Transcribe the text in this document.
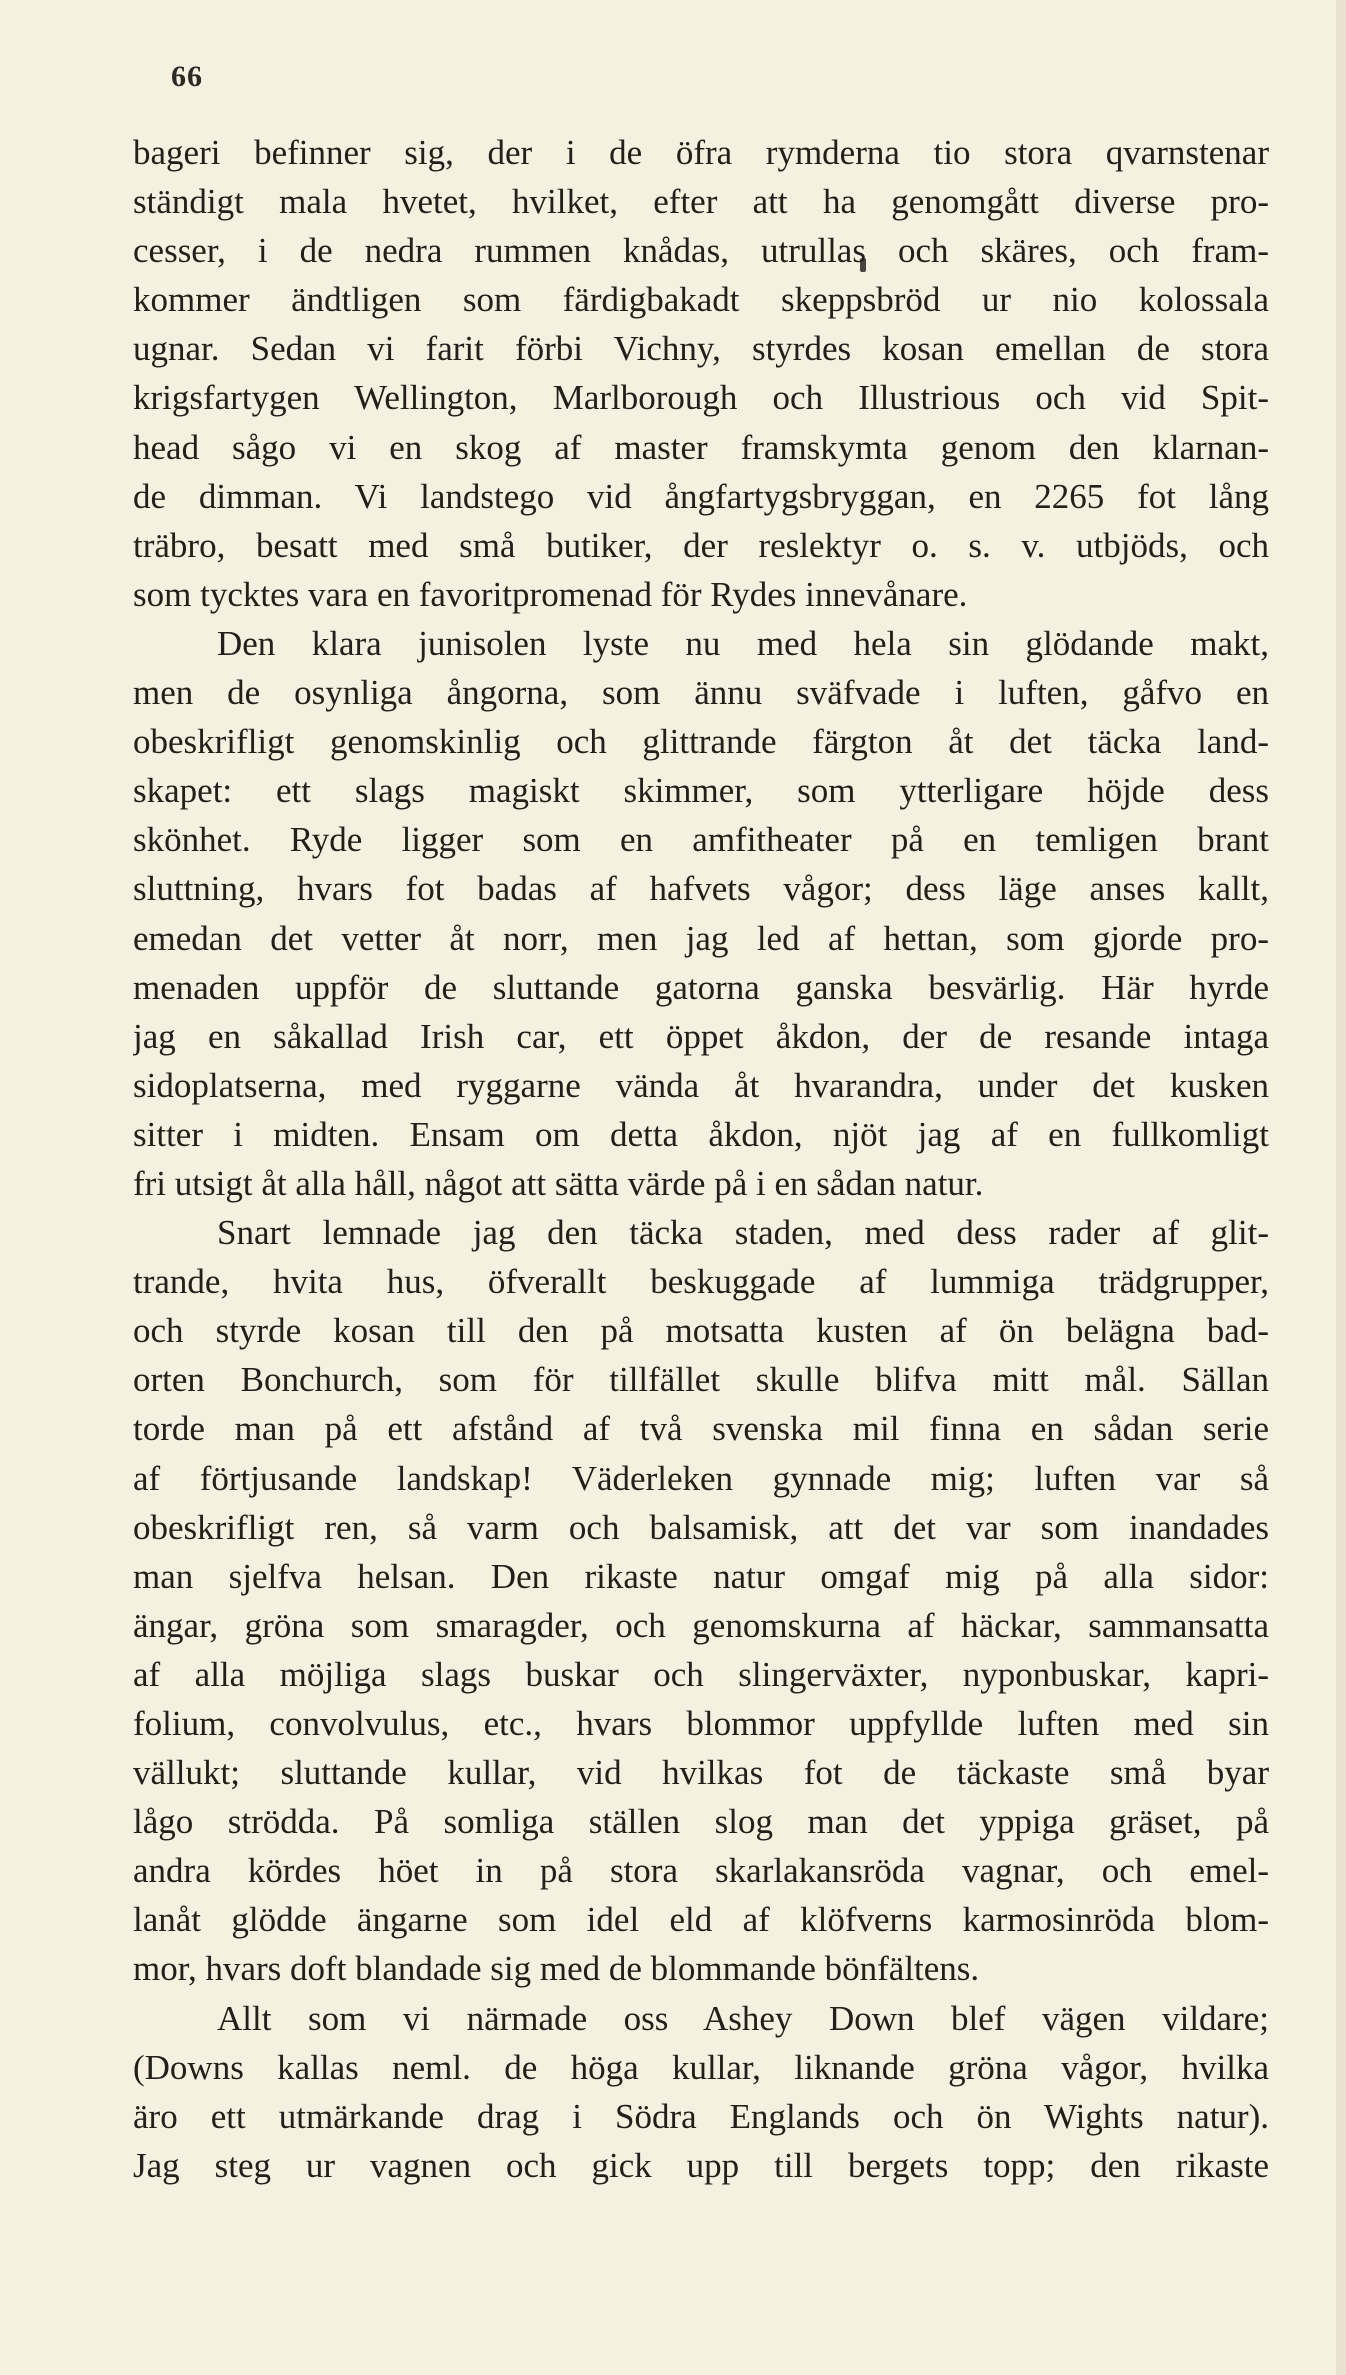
66
bageri befinner sig, der i de öfra rymderna tio stora qvarnstenar
ständigt mala hvetet, hvilket, efter att ha genomgått diverse pro-
cesser, i de nedra rummen knådas, utrullas och skäres, och fram-
kommer ändtligen som färdigbakadt skeppsbröd ur nio kolossala
ugnar. Sedan vi farit förbi Vichny, styrdes kosan emellan de stora
krigsfartygen Wellington, Marlborough och Illustrious och vid Spit-
head sågo vi en skog af master framskymta genom den klarnan-
de dimman. Vi landstego vid ångfartygsbryggan, en 2265 fot lång
träbro, besatt med små butiker, der reslektyr o. s. v. utbjöds, och
som tycktes vara en favoritpromenad för Rydes innevånare.
Den klara junisolen lyste nu med hela sin glödande makt,
men de osynliga ångorna, som ännu sväfvade i luften, gåfvo en
obeskrifligt genomskinlig och glittrande färgton åt det täcka land-
skapet: ett slags magiskt skimmer, som ytterligare höjde dess
skönhet. Ryde ligger som en amfitheater på en temligen brant
sluttning, hvars fot badas af hafvets vågor; dess läge anses kallt,
emedan det vetter åt norr, men jag led af hettan, som gjorde pro-
menaden uppför de sluttande gatorna ganska besvärlig. Här hyrde
jag en såkallad Irish car, ett öppet åkdon, der de resande intaga
sidoplatserna, med ryggarne vända åt hvarandra, under det kusken
sitter i midten. Ensam om detta åkdon, njöt jag af en fullkomligt
fri utsigt åt alla håll, något att sätta värde på i en sådan natur.
Snart lemnade jag den täcka staden, med dess rader af glit-
trande, hvita hus, öfverallt beskuggade af lummiga trädgrupper,
och styrde kosan till den på motsatta kusten af ön belägna bad-
orten Bonchurch, som för tillfället skulle blifva mitt mål. Sällan
torde man på ett afstånd af två svenska mil finna en sådan serie
af förtjusande landskap! Väderleken gynnade mig; luften var så
obeskrifligt ren, så varm och balsamisk, att det var som inandades
man sjelfva helsan. Den rikaste natur omgaf mig på alla sidor:
ängar, gröna som smaragder, och genomskurna af häckar, sammansatta
af alla möjliga slags buskar och slingerväxter, nyponbuskar, kapri-
folium, convolvulus, etc., hvars blommor uppfyllde luften med sin
vällukt; sluttande kullar, vid hvilkas fot de täckaste små byar
lågo strödda. På somliga ställen slog man det yppiga gräset, på
andra kördes höet in på stora skarlakansröda vagnar, och emel-
lanåt glödde ängarne som idel eld af klöfverns karmosinröda blom-
mor, hvars doft blandade sig med de blommande bönfältens.
Allt som vi närmade oss Ashey Down blef vägen vildare;
(Downs kallas neml. de höga kullar, liknande gröna vågor, hvilka
äro ett utmärkande drag i Södra Englands och ön Wights natur).
Jag steg ur vagnen och gick upp till bergets topp; den rikaste
